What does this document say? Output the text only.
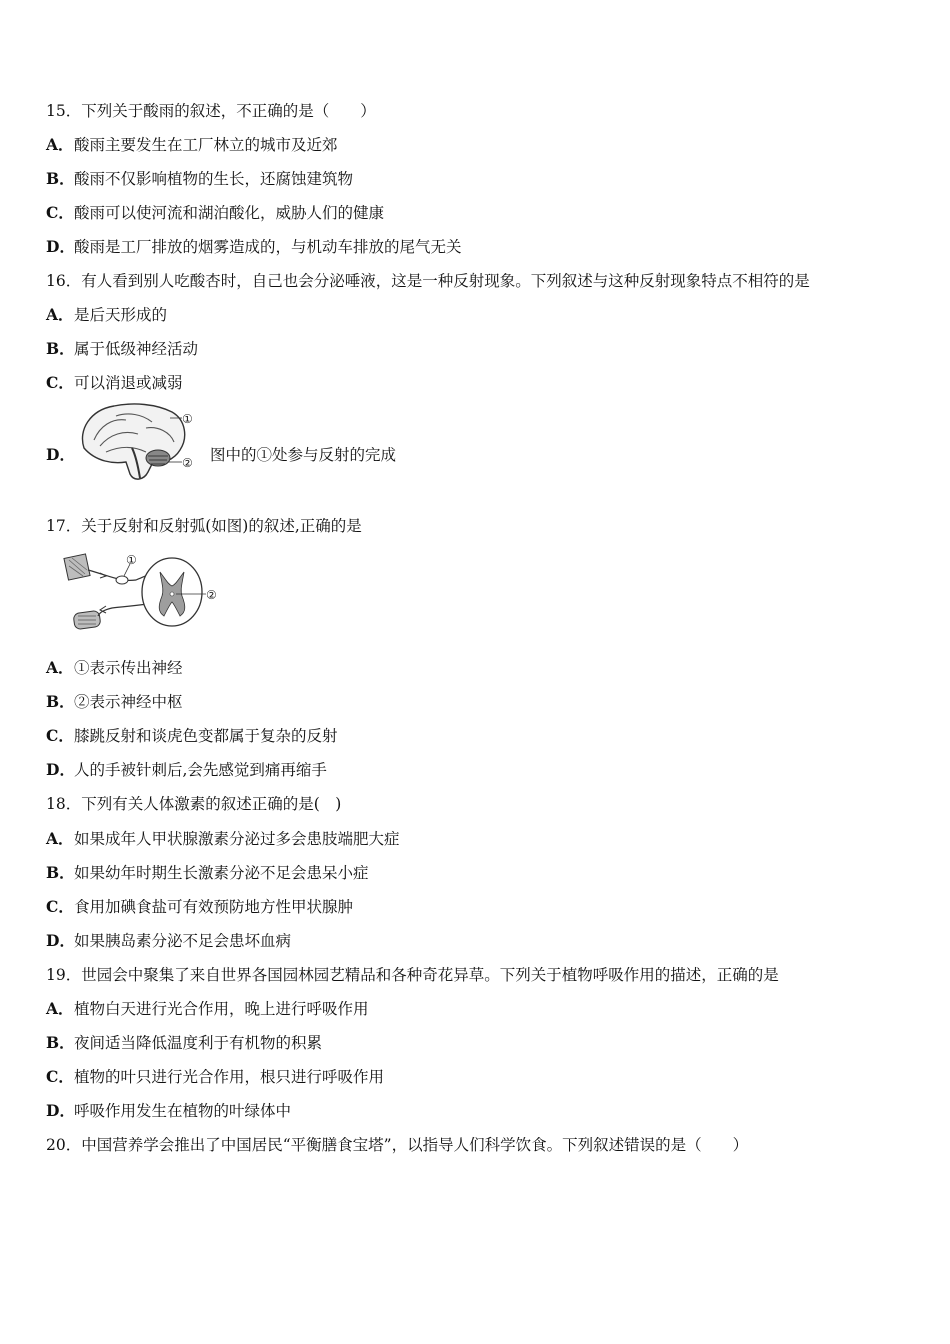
15．下列关于酸雨的叙述，不正确的是（　　）
A．酸雨主要发生在工厂林立的城市及近郊
B．酸雨不仅影响植物的生长，还腐蚀建筑物
C．酸雨可以使河流和湖泊酸化，威胁人们的健康
D．酸雨是工厂排放的烟雾造成的，与机动车排放的尾气无关
16．有人看到别人吃酸杏时，自己也会分泌唾液，这是一种反射现象。下列叙述与这种反射现象特点不相符的是
A．是后天形成的
B．属于低级神经活动
C．可以消退或减弱
D．
①
② 图中的①处参与反射的完成
17．关于反射和反射弧(如图)的叙述,正确的是
①
②
A．①表示传出神经
B．②表示神经中枢
C．膝跳反射和谈虎色变都属于复杂的反射
D．人的手被针刺后,会先感觉到痛再缩手
18．下列有关人体激素的叙述正确的是(　)
A．如果成年人甲状腺激素分泌过多会患肢端肥大症
B．如果幼年时期生长激素分泌不足会患呆小症
C．食用加碘食盐可有效预防地方性甲状腺肿
D．如果胰岛素分泌不足会患坏血病
19．世园会中聚集了来自世界各国园林园艺精品和各种奇花异草。下列关于植物呼吸作用的描述，正确的是
A．植物白天进行光合作用，晚上进行呼吸作用
B．夜间适当降低温度利于有机物的积累
C．植物的叶只进行光合作用，根只进行呼吸作用
D．呼吸作用发生在植物的叶绿体中
20．中国营养学会推出了中国居民“平衡膳食宝塔”，以指导人们科学饮食。下列叙述错误的是（　　）
